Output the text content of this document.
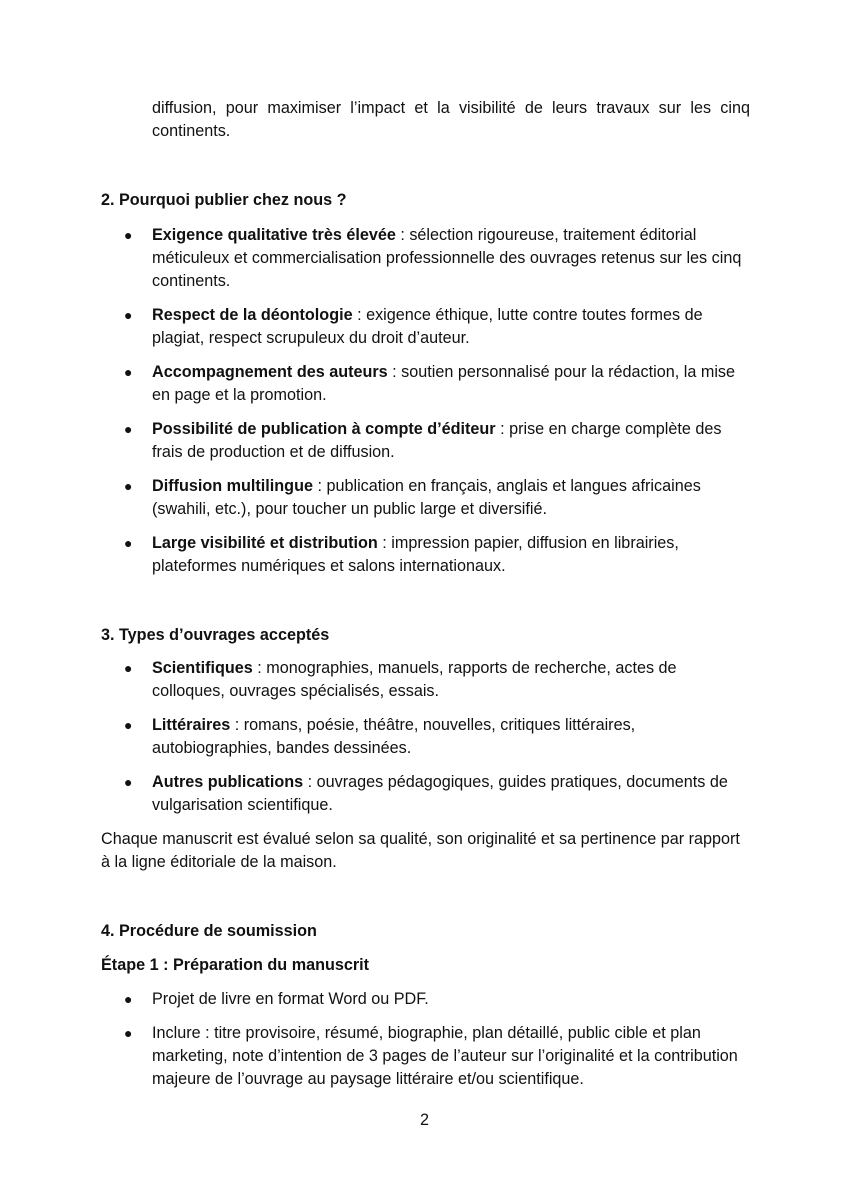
diffusion, pour maximiser l’impact et la visibilité de leurs travaux sur les cinq continents.

2. Pourquoi publier chez nous ?

● Exigence qualitative très élevée : sélection rigoureuse, traitement éditorial méticuleux et commercialisation professionnelle des ouvrages retenus sur les cinq continents.
● Respect de la déontologie : exigence éthique, lutte contre toutes formes de plagiat, respect scrupuleux du droit d’auteur.
● Accompagnement des auteurs : soutien personnalisé pour la rédaction, la mise en page et la promotion.
● Possibilité de publication à compte d’éditeur : prise en charge complète des frais de production et de diffusion.
● Diffusion multilingue : publication en français, anglais et langues africaines (swahili, etc.), pour toucher un public large et diversifié.
● Large visibilité et distribution : impression papier, diffusion en librairies, plateformes numériques et salons internationaux.

3. Types d’ouvrages acceptés

● Scientifiques : monographies, manuels, rapports de recherche, actes de colloques, ouvrages spécialisés, essais.
● Littéraires : romans, poésie, théâtre, nouvelles, critiques littéraires, autobiographies, bandes dessinées.
● Autres publications : ouvrages pédagogiques, guides pratiques, documents de vulgarisation scientifique.

Chaque manuscrit est évalué selon sa qualité, son originalité et sa pertinence par rapport à la ligne éditoriale de la maison.

4. Procédure de soumission

Étape 1 : Préparation du manuscrit

● Projet de livre en format Word ou PDF.
● Inclure : titre provisoire, résumé, biographie, plan détaillé, public cible et plan marketing, note d’intention de 3 pages de l’auteur sur l’originalité et la contribution majeure de l’ouvrage au paysage littéraire et/ou scientifique.
2
